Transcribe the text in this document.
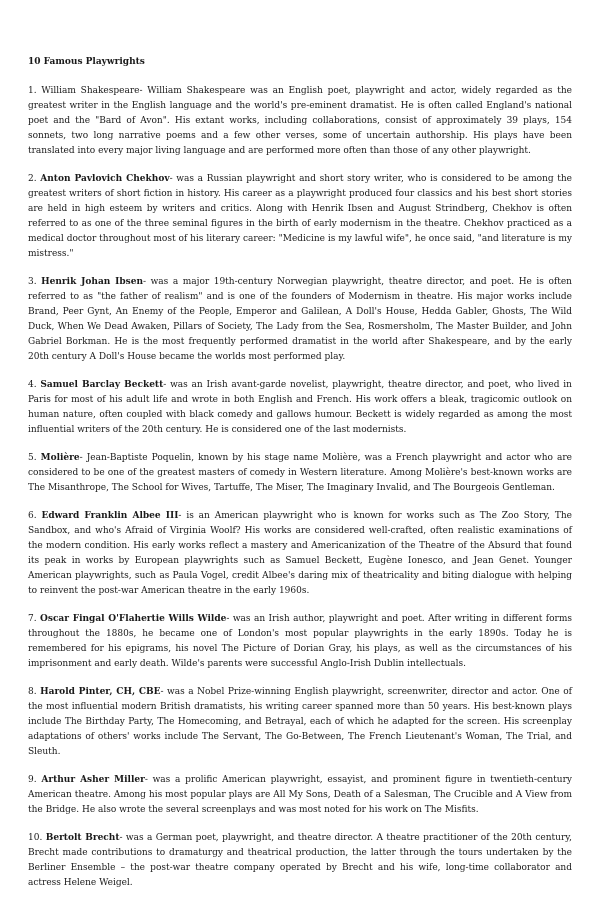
10 Famous Playwrights

1. William Shakespeare- William Shakespeare was an English poet, playwright and actor, widely regarded as the greatest writer in the English language and the world's pre-eminent dramatist. He is often called England's national poet and the "Bard of Avon". His extant works, including collaborations, consist of approximately 39 plays, 154 sonnets, two long narrative poems and a few other verses, some of uncertain authorship. His plays have been translated into every major living language and are performed more often than those of any other playwright.

2. Anton Pavlovich Chekhov- was a Russian playwright and short story writer, who is considered to be among the greatest writers of short fiction in history. His career as a playwright produced four classics and his best short stories are held in high esteem by writers and critics. Along with Henrik Ibsen and August Strindberg, Chekhov is often referred to as one of the three seminal figures in the birth of early modernism in the theatre. Chekhov practiced as a medical doctor throughout most of his literary career: "Medicine is my lawful wife", he once said, "and literature is my mistress."

3. Henrik Johan Ibsen- was a major 19th-century Norwegian playwright, theatre director, and poet. He is often referred to as "the father of realism" and is one of the founders of Modernism in theatre. His major works include Brand, Peer Gynt, An Enemy of the People, Emperor and Galilean, A Doll's House, Hedda Gabler, Ghosts, The Wild Duck, When We Dead Awaken, Pillars of Society, The Lady from the Sea, Rosmersholm, The Master Builder, and John Gabriel Borkman. He is the most frequently performed dramatist in the world after Shakespeare, and by the early 20th century A Doll's House became the worlds most performed play.

4. Samuel Barclay Beckett- was an Irish avant-garde novelist, playwright, theatre director, and poet, who lived in Paris for most of his adult life and wrote in both English and French. His work offers a bleak, tragicomic outlook on human nature, often coupled with black comedy and gallows humour. Beckett is widely regarded as among the most influential writers of the 20th century. He is considered one of the last modernists.

5. Molière- Jean-Baptiste Poquelin, known by his stage name Molière, was a French playwright and actor who are considered to be one of the greatest masters of comedy in Western literature. Among Molière's best-known works are The Misanthrope, The School for Wives, Tartuffe, The Miser, The Imaginary Invalid, and The Bourgeois Gentleman.

6. Edward Franklin Albee III- is an American playwright who is known for works such as The Zoo Story, The Sandbox, and who's Afraid of Virginia Woolf? His works are considered well-crafted, often realistic examinations of the modern condition. His early works reflect a mastery and Americanization of the Theatre of the Absurd that found its peak in works by European playwrights such as Samuel Beckett, Eugène Ionesco, and Jean Genet. Younger American playwrights, such as Paula Vogel, credit Albee's daring mix of theatricality and biting dialogue with helping to reinvent the post-war American theatre in the early 1960s.

7. Oscar Fingal O'Flahertie Wills Wilde- was an Irish author, playwright and poet. After writing in different forms throughout the 1880s, he became one of London's most popular playwrights in the early 1890s. Today he is remembered for his epigrams, his novel The Picture of Dorian Gray, his plays, as well as the circumstances of his imprisonment and early death. Wilde's parents were successful Anglo-Irish Dublin intellectuals.

8. Harold Pinter, CH, CBE- was a Nobel Prize-winning English playwright, screenwriter, director and actor. One of the most influential modern British dramatists, his writing career spanned more than 50 years. His best-known plays include The Birthday Party, The Homecoming, and Betrayal, each of which he adapted for the screen. His screenplay adaptations of others' works include The Servant, The Go-Between, The French Lieutenant's Woman, The Trial, and Sleuth.

9. Arthur Asher Miller- was a prolific American playwright, essayist, and prominent figure in twentieth-century American theatre. Among his most popular plays are All My Sons, Death of a Salesman, The Crucible and A View from the Bridge. He also wrote the several screenplays and was most noted for his work on The Misfits.

10. Bertolt Brecht- was a German poet, playwright, and theatre director. A theatre practitioner of the 20th century, Brecht made contributions to dramaturgy and theatrical production, the latter through the tours undertaken by the Berliner Ensemble – the post-war theatre company operated by Brecht and his wife, long-time collaborator and actress Helene Weigel.
